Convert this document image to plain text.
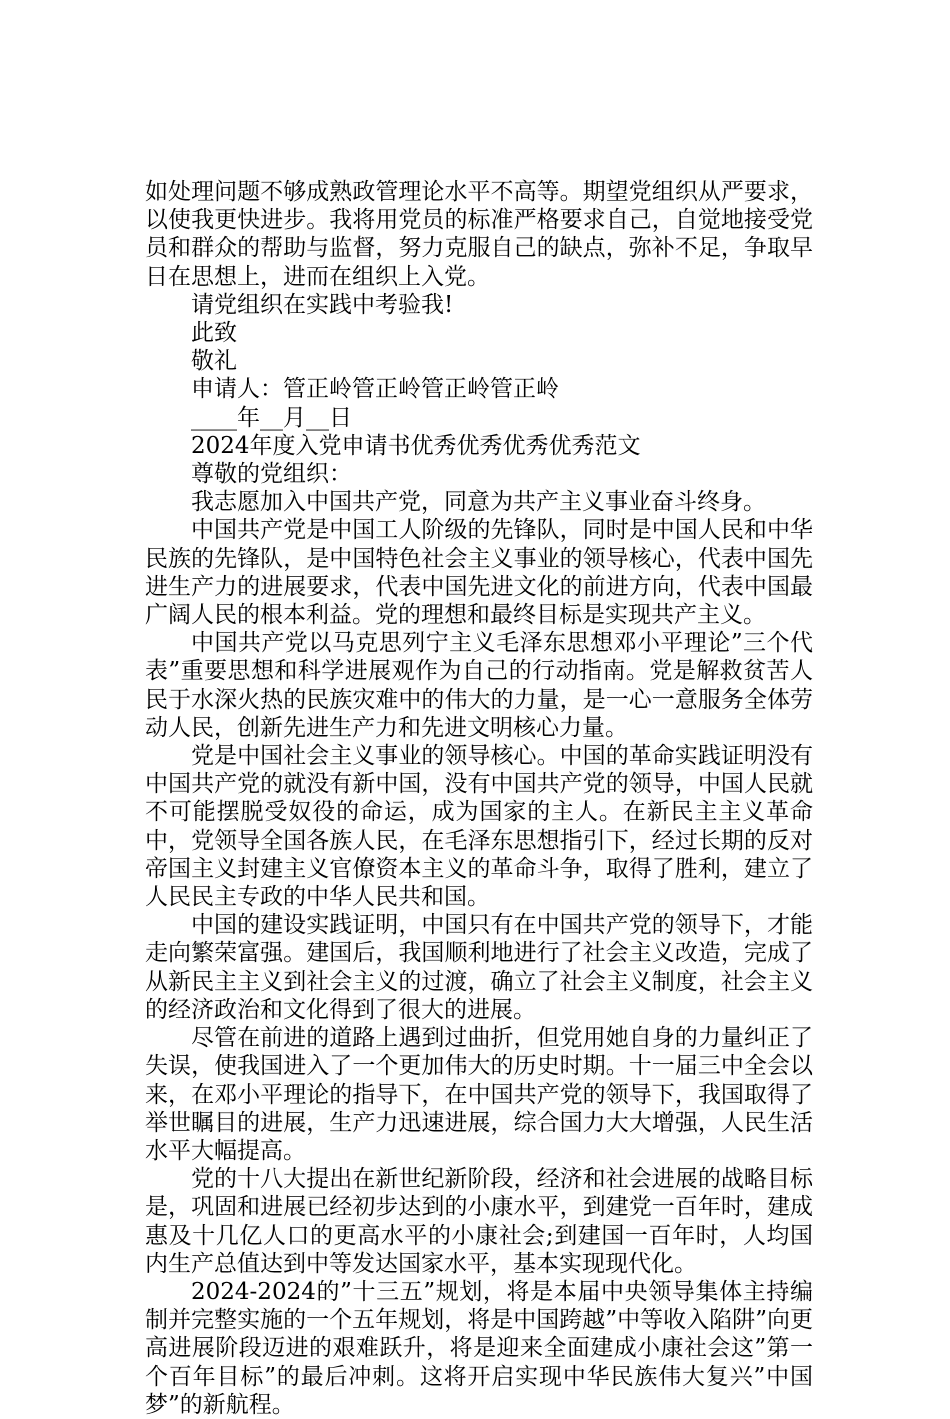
如处理问题不够成熟政管理论水平不高等。期望党组织从严要求，以使我更快进步。我将用党员的标准严格要求自己，自觉地接受党员和群众的帮助与监督，努力克服自己的缺点，弥补不足，争取早日在思想上，进而在组织上入党。

请党组织在实践中考验我!

此致

敬礼

申请人：管正岭管正岭管正岭管正岭

____年__月__日

2024年度入党申请书优秀优秀优秀优秀范文

尊敬的党组织：

我志愿加入中国共产党，同意为共产主义事业奋斗终身。

中国共产党是中国工人阶级的先锋队，同时是中国人民和中华民族的先锋队，是中国特色社会主义事业的领导核心，代表中国先进生产力的进展要求，代表中国先进文化的前进方向，代表中国最广阔人民的根本利益。党的理想和最终目标是实现共产主义。

中国共产党以马克思列宁主义毛泽东思想邓小平理论”三个代表”重要思想和科学进展观作为自己的行动指南。党是解救贫苦人民于水深火热的民族灾难中的伟大的力量，是一心一意服务全体劳动人民，创新先进生产力和先进文明核心力量。

党是中国社会主义事业的领导核心。中国的革命实践证明没有中国共产党的就没有新中国，没有中国共产党的领导，中国人民就不可能摆脱受奴役的命运，成为国家的主人。在新民主主义革命中，党领导全国各族人民，在毛泽东思想指引下，经过长期的反对帝国主义封建主义官僚资本主义的革命斗争，取得了胜利，建立了人民民主专政的中华人民共和国。

中国的建设实践证明，中国只有在中国共产党的领导下，才能走向繁荣富强。建国后，我国顺利地进行了社会主义改造，完成了从新民主主义到社会主义的过渡，确立了社会主义制度，社会主义的经济政治和文化得到了很大的进展。

尽管在前进的道路上遇到过曲折，但党用她自身的力量纠正了失误，使我国进入了一个更加伟大的历史时期。十一届三中全会以来，在邓小平理论的指导下，在中国共产党的领导下，我国取得了举世瞩目的进展，生产力迅速进展，综合国力大大增强，人民生活水平大幅提高。

党的十八大提出在新世纪新阶段，经济和社会进展的战略目标是，巩固和进展已经初步达到的小康水平，到建党一百年时，建成惠及十几亿人口的更高水平的小康社会;到建国一百年时，人均国内生产总值达到中等发达国家水平，基本实现现代化。

2024-2024的”十三五”规划，将是本届中央领导集体主持编制并完整实施的一个五年规划，将是中国跨越”中等收入陷阱”向更高进展阶段迈进的艰难跃升，将是迎来全面建成小康社会这”第一个百年目标”的最后冲刺。这将开启实现中华民族伟大复兴”中国梦”的新航程。
